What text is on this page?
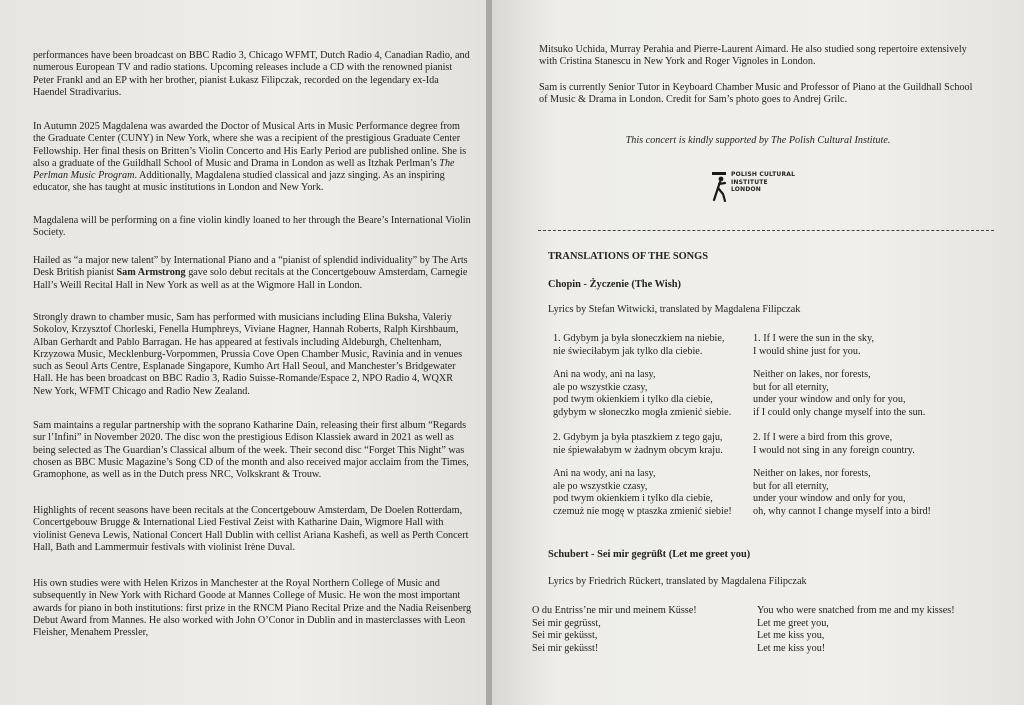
performances have been broadcast on BBC Radio 3, Chicago WFMT, Dutch Radio 4, Canadian Radio, and numerous European TV and radio stations. Upcoming releases include a CD with the renowned pianist Peter Frankl and an EP with her brother, pianist Łukasz Filipczak, recorded on the legendary ex-Ida Haendel Stradivarius.

In Autumn 2025 Magdalena was awarded the Doctor of Musical Arts in Music Performance degree from the Graduate Center (CUNY) in New York, where she was a recipient of the prestigious Graduate Center Fellowship. Her final thesis on Britten’s Violin Concerto and His Early Period are published online. She is also a graduate of the Guildhall School of Music and Drama in London as well as Itzhak Perlman’s The Perlman Music Program. Additionally, Magdalena studied classical and jazz singing. As an inspiring educator, she has taught at music institutions in London and New York.

Magdalena will be performing on a fine violin kindly loaned to her through the Beare’s International Violin Society.

Hailed as “a major new talent” by International Piano and a “pianist of splendid individuality” by The Arts Desk British pianist Sam Armstrong gave solo debut recitals at the Concertgebouw Amsterdam, Carnegie Hall’s Weill Recital Hall in New York as well as at the Wigmore Hall in London.

Strongly drawn to chamber music, Sam has performed with musicians including Elina Buksha, Valeriy Sokolov, Krzysztof Chorleski, Fenella Humphreys, Viviane Hagner, Hannah Roberts, Ralph Kirshbaum, Alban Gerhardt and Pablo Barragan. He has appeared at festivals including Aldeburgh, Cheltenham, Krzyzowa Music, Mecklenburg-Vorpommen, Prussia Cove Open Chamber Music, Ravinia and in venues such as Seoul Arts Centre, Esplanade Singapore, Kumho Art Hall Seoul, and Manchester’s Bridgewater Hall. He has been broadcast on BBC Radio 3, Radio Suisse-Romande/Espace 2, NPO Radio 4, WQXR New York, WFMT Chicago and Radio New Zealand.

Sam maintains a regular partnership with the soprano Katharine Dain, releasing their first album “Regards sur l’Infini” in November 2020. The disc won the prestigious Edison Klassiek award in 2021 as well as being selected as The Guardian’s Classical album of the week. Their second disc “Forget This Night” was chosen as BBC Music Magazine’s Song CD of the month and also received major acclaim from the Times, Gramophone, as well as in the Dutch press NRC, Volkskrant & Trouw.

Highlights of recent seasons have been recitals at the Concertgebouw Amsterdam, De Doelen Rotterdam, Concertgebouw Brugge & International Lied Festival Zeist with Katharine Dain, Wigmore Hall with violinist Geneva Lewis, National Concert Hall Dublin with cellist Ariana Kashefi, as well as Perth Concert Hall, Bath and Lammermuir festivals with violinist Irène Duval.

His own studies were with Helen Krizos in Manchester at the Royal Northern College of Music and subsequently in New York with Richard Goode at Mannes College of Music. He won the most important awards for piano in both institutions: first prize in the RNCM Piano Recital Prize and the Nadia Reisenberg Debut Award from Mannes. He also worked with John O’Conor in Dublin and in masterclasses with Leon Fleisher, Menahem Pressler,

Mitsuko Uchida, Murray Perahia and Pierre-Laurent Aimard. He also studied song repertoire extensively with Cristina Stanescu in New York and Roger Vignoles in London.

Sam is currently Senior Tutor in Keyboard Chamber Music and Professor of Piano at the Guildhall School of Music & Drama in London. Credit for Sam’s photo goes to Andrej Grilc.

This concert is kindly supported by The Polish Cultural Institute.

POLISH CULTURAL
INSTITUTE
LONDON

TRANSLATIONS OF THE SONGS

Chopin - Życzenie (The Wish)

Lyrics by Stefan Witwicki, translated by Magdalena Filipczak

1. Gdybym ja była słoneczkiem na niebie,
nie świeciłabym jak tylko dla ciebie.
1. If I were the sun in the sky,
I would shine just for you.
Ani na wody, ani na lasy,
ale po wszystkie czasy,
pod twym okienkiem i tylko dla ciebie,
gdybym w słoneczko mogła zmienić siebie.
Neither on lakes, nor forests,
but for all eternity,
under your window and only for you,
if I could only change myself into the sun.
2. Gdybym ja była ptaszkiem z tego gaju,
nie śpiewałabym w żadnym obcym kraju.
2. If I were a bird from this grove,
I would not sing in any foreign country.
Ani na wody, ani na lasy,
ale po wszystkie czasy,
pod twym okienkiem i tylko dla ciebie,
czemuż nie mogę w ptaszka zmienić siebie!
Neither on lakes, nor forests,
but for all eternity,
under your window and only for you,
oh, why cannot I change myself into a bird!

Schubert - Sei mir gegrüßt (Let me greet you)

Lyrics by Friedrich Rückert, translated by Magdalena Filipczak

O du Entriss’ne mir und meinem Küsse!
Sei mir gegrüsst,
Sei mir geküsst,
Sei mir geküsst!
You who were snatched from me and my kisses!
Let me greet you,
Let me kiss you,
Let me kiss you!
